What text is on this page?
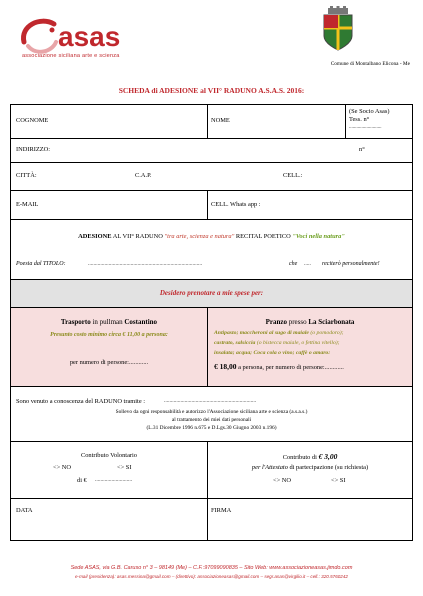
asas
associazione siciliana arte e scienza
Comune di Montalbano Elicona - Me
SCHEDA di ADESIONE al VII° RADUNO A.S.A.S. 2016:
COGNOME	NOME
(Se Socio Asas)
Tess. n°
..........................
INDIRIZZO:	n°
CITTÀ:	C.A.P.	CELL.:
E-MAIL	CELL. Whats app :
ADESIONE AL VII° RADUNO "tra arte, scienza e natura" RECITAL POETICO "Voci nella natura"
Poesia dal TITOLO:	...................................................................................	che ..... reciterò personalmente!
Desidero prenotare a mie spese per:
Trasporto in pullman Costantino
Presunto costo minimo circa € 11,00 a persona:
per numero di persone:............
Pranzo presso La Sciarbonata
Antipasto; maccheroni al sugo di maiale (o pomodoro);
castrato, salsiccia (o bistecca maiale, o fettina vitello);
insalata; acqua; Coca cola o vino; caffè o amaro:
€ 18,00 a persona, per numero di persone:............
Sono venuto a conoscenza del RADUNO tramite :	...................................................................
Sollevo da ogni responsabilità e autorizzo l'Associazione siciliana arte e scienza (a.s.a.s.)
al trattamento dei miei dati personali
(L.31 Dicembre 1996 n.675 e D.Lgs.30 Giugno 2003 n.196)
Contributo Volontario
<> NO	<> SI
di € ...........................
Contributo di € 3,00
per l'Attestato di partecipazione (su richiesta)
<> NO	<> SI
DATA	FIRMA
Sede ASAS, via G.B. Caruso n° 3 – 98149 (Me) – C.F.:97099090835 – Sito Web: www.associazioneasas.jimdo.com
e-mail (presidenza): asas.messina@gmail.com – (direttivo): associazioneasas@gmail.com – segr.asas@virgilio.it – cell.: 320.5760242
